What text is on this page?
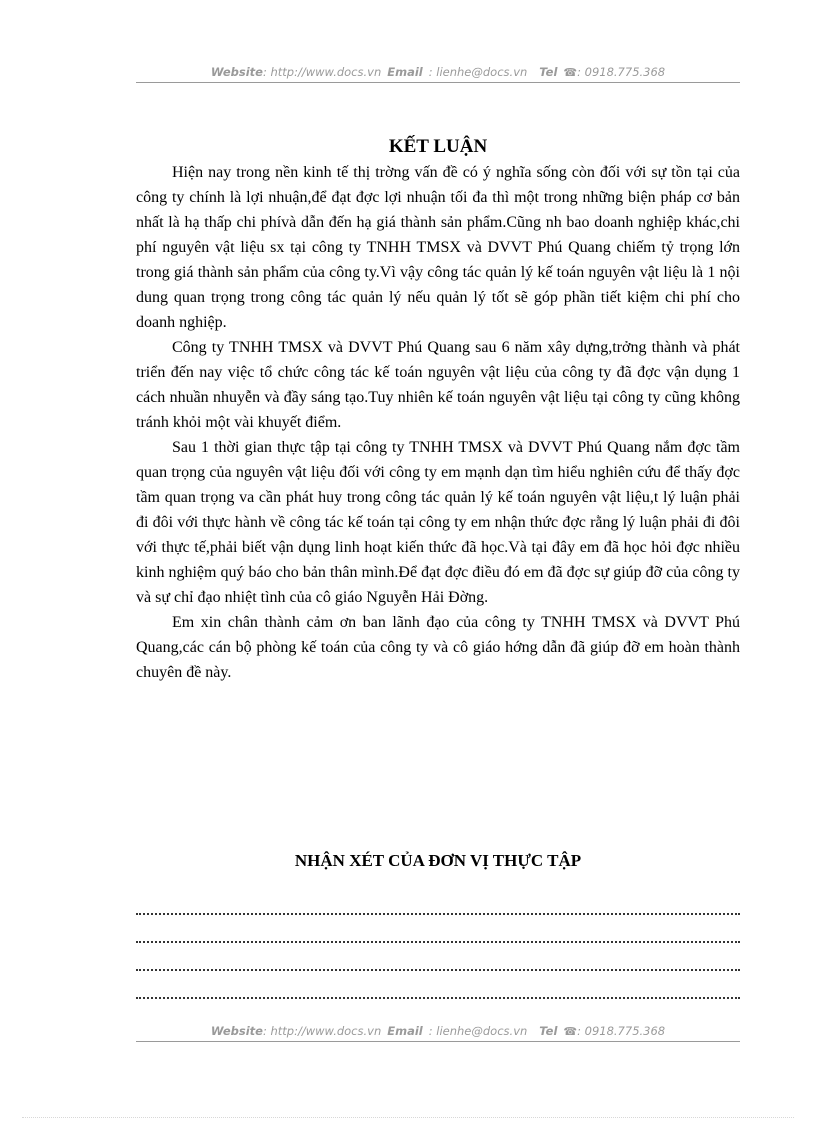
Website: http://www.docs.vn Email : lienhe@docs.vn Tel ☎: 0918.775.368
KẾT LUẬN

Hiện nay trong nền kinh tế thị trờng vấn đề có ý nghĩa sống còn đối với sự tồn tại của công ty chính là lợi nhuận,để đạt đợc lợi nhuận tối đa thì một trong những biện pháp cơ bản nhất là hạ thấp chi phívà dẫn đến hạ giá thành sản phẩm.Cũng nh bao doanh nghiệp khác,chi phí nguyên vật liệu sx tại công ty TNHH TMSX và DVVT Phú Quang chiếm tỷ trọng lớn trong giá thành sản phẩm của công ty.Vì vậy công tác quản lý kế toán nguyên vật liệu là 1 nội dung quan trọng trong công tác quản lý nếu quản lý tốt sẽ góp phần tiết kiệm chi phí cho doanh nghiệp.

Công ty TNHH TMSX và DVVT Phú Quang sau 6 năm xây dựng,trởng thành và phát triển đến nay việc tổ chức công tác kế toán nguyên vật liệu của công ty đã đợc vận dụng 1 cách nhuần nhuyễn và đầy sáng tạo.Tuy nhiên kế toán nguyên vật liệu tại công ty cũng không tránh khỏi một vài khuyết điểm.

Sau 1 thời gian thực tập tại công ty TNHH TMSX và DVVT Phú Quang nắm đợc tầm quan trọng của nguyên vật liệu đối với công ty em mạnh dạn tìm hiểu nghiên cứu để thấy đợc tầm quan trọng va cần phát huy trong công tác quản lý kế toán nguyên vật liệu,t lý luận phải đi đôi với thực hành về công tác kế toán tại công ty em nhận thức đợc rằng lý luận phải đi đôi với thực tế,phải biết vận dụng linh hoạt kiến thức đã học.Và tại đây em đã học hỏi đợc nhiều kinh nghiệm quý báo cho bản thân mình.Để đạt đợc điều đó em đã đợc sự giúp đỡ của công ty và sự chỉ đạo nhiệt tình của cô giáo Nguyễn Hải Đờng.

Em xin chân thành cảm ơn ban lãnh đạo của công ty TNHH TMSX và DVVT Phú Quang,các cán bộ phòng kế toán của công ty và cô giáo hớng dẫn đã giúp đỡ em hoàn thành chuyên đề này.

NHẬN XÉT CỦA ĐƠN VỊ THỰC TẬP
Website: http://www.docs.vn Email : lienhe@docs.vn Tel ☎: 0918.775.368
